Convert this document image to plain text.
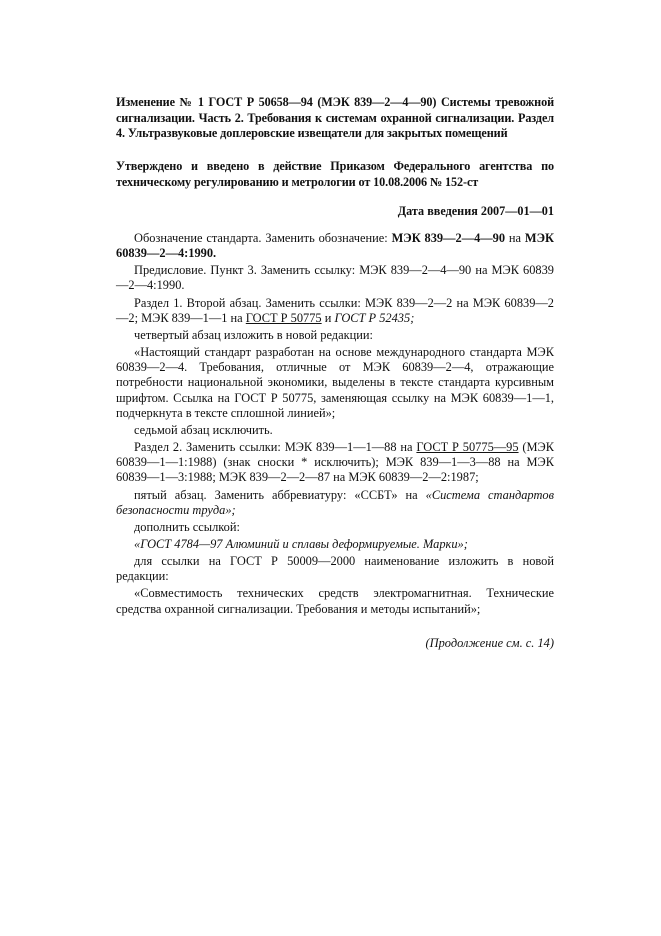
Изменение № 1 ГОСТ Р 50658—94 (МЭК 839—2—4—90) Системы тревожной сигнализации. Часть 2. Требования к системам охранной сигнализации. Раздел 4. Ультразвуковые доплеровские извещатели для закрытых помещений

Утверждено и введено в действие Приказом Федерального агентства по техническому регулированию и метрологии от 10.08.2006 № 152-ст

Дата введения 2007—01—01

Обозначение стандарта. Заменить обозначение: МЭК 839—2—4—90 на МЭК 60839—2—4:1990.

Предисловие. Пункт 3. Заменить ссылку: МЭК 839—2—4—90 на МЭК 60839—2—4:1990.

Раздел 1. Второй абзац. Заменить ссылки: МЭК 839—2—2 на МЭК 60839—2—2; МЭК 839—1—1 на ГОСТ Р 50775 и ГОСТ Р 52435;

четвертый абзац изложить в новой редакции:

«Настоящий стандарт разработан на основе международного стандарта МЭК 60839—2—4. Требования, отличные от МЭК 60839—2—4, отражающие потребности национальной экономики, выделены в тексте стандарта курсивным шрифтом. Ссылка на ГОСТ Р 50775, заменяющая ссылку на МЭК 60839—1—1, подчеркнута в тексте сплошной линией»;

седьмой абзац исключить.

Раздел 2. Заменить ссылки: МЭК 839—1—1—88 на ГОСТ Р 50775—95 (МЭК 60839—1—1:1988) (знак сноски * исключить); МЭК 839—1—3—88 на МЭК 60839—1—3:1988; МЭК 839—2—2—87 на МЭК 60839—2—2:1987;

пятый абзац. Заменить аббревиатуру: «ССБТ» на «Система стандартов безопасности труда»;

дополнить ссылкой:

«ГОСТ 4784—97 Алюминий и сплавы деформируемые. Марки»;

для ссылки на ГОСТ Р 50009—2000 наименование изложить в новой редакции:

«Совместимость технических средств электромагнитная. Технические средства охранной сигнализации. Требования и методы испытаний»;

(Продолжение см. с. 14)
